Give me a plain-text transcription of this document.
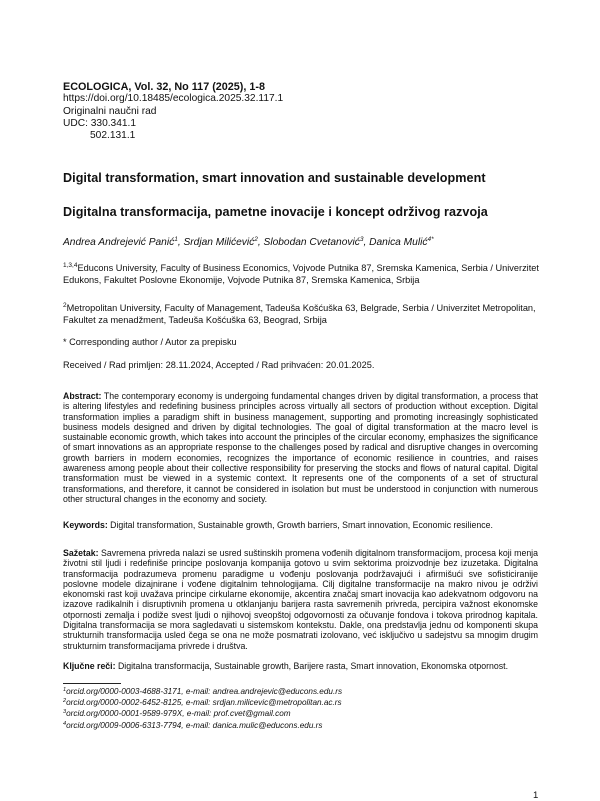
ECOLOGICA, Vol. 32, No 117 (2025), 1-8
https://doi.org/10.18485/ecologica.2025.32.117.1
Originalni naučni rad
UDC: 330.341.1
502.131.1
Digital transformation, smart innovation and sustainable development
Digitalna transformacija, pametne inovacije i koncept održivog razvoja
Andrea Andrejević Panić$^1$, Srdjan Milićević$^2$, Slobodan Cvetanović$^3$, Danica Mulić$^{4*}$
$^{1,3,4}$Educons University, Faculty of Business Economics, Vojvode Putnika 87, Sremska Kamenica, Serbia / Univerzitet Edukons, Fakultet Poslovne Ekonomije, Vojvode Putnika 87, Sremska Kamenica, Srbija
$^2$Metropolitan University, Faculty of Management, Tadeuša Košćuška 63, Belgrade, Serbia / Univerzitet Metropolitan, Fakultet za menadžment, Tadeuša Košćuška 63, Beograd, Srbija
* Corresponding author / Autor za prepisku
Received / Rad primljen: 28.11.2024, Accepted / Rad prihvaćen: 20.01.2025.
Abstract: The contemporary economy is undergoing fundamental changes driven by digital transformation, a process that is altering lifestyles and redefining business principles across virtually all sectors of production without exception. Digital transformation implies a paradigm shift in business management, supporting and promoting increasingly sophisticated business models designed and driven by digital technologies. The goal of digital transformation at the macro level is sustainable economic growth, which takes into account the principles of the circular economy, emphasizes the significance of smart innovations as an appropriate response to the challenges posed by radical and disruptive changes in overcoming growth barriers in modern economies, recognizes the importance of economic resilience in countries, and raises awareness among people about their collective responsibility for preserving the stocks and flows of natural capital. Digital transformation must be viewed in a systemic context. It represents one of the components of a set of structural transformations, and therefore, it cannot be considered in isolation but must be understood in conjunction with numerous other structural changes in the economy and society.
Keywords: Digital transformation, Sustainable growth, Growth barriers, Smart innovation, Economic resilience.
Sažetak: Savremena privreda nalazi se usred suštinskih promena vođenih digitalnom transformacijom, procesa koji menja životni stil ljudi i redefiniše principe poslovanja kompanija gotovo u svim sektorima proizvodnje bez izuzetaka. Digitalna transformacija podrazumeva promenu paradigme u vođenju poslovanja podržavajući i afirmišući sve sofisticiranije poslovne modele dizajnirane i vođene digitalnim tehnologijama. Cilj digitalne transformacije na makro nivou je održivi ekonomski rast koji uvažava principe cirkularne ekonomije, akcentira značaj smart inovacija kao adekvatnom odgovoru na izazove radikalnih i disruptivnih promena u otklanjanju barijera rasta savremenih privreda, percipira važnost ekonomske otpornosti zemalja i podiže svest ljudi o njihovoj sveopštoj odgovornosti za očuvanje fondova i tokova prirodnog kapitala. Digitalna transformacija se mora sagledavati u sistemskom kontekstu. Dakle, ona predstavlja jednu od komponenti skupa strukturnih transformacija usled čega se ona ne može posmatrati izolovano, već isključivo u sadejstvu sa mnogim drugim strukturnim transformacijama privrede i društva.
Ključne reči: Digitalna transformacija, Sustainable growth, Barijere rasta, Smart innovation, Ekonomska otpornost.
$^1$orcid.org/0000-0003-4688-3171, e-mail: andrea.andrejevic@educons.edu.rs
$^2$orcid.org/0000-0002-6452-8125, e-mail: srdjan.milicevic@metropolitan.ac.rs
$^3$orcid.org/0000-0001-9589-979X, e-mail: prof.cvet@gmail.com
$^4$orcid.org/0009-0006-6313-7794, e-mail: danica.mulic@educons.edu.rs
1
